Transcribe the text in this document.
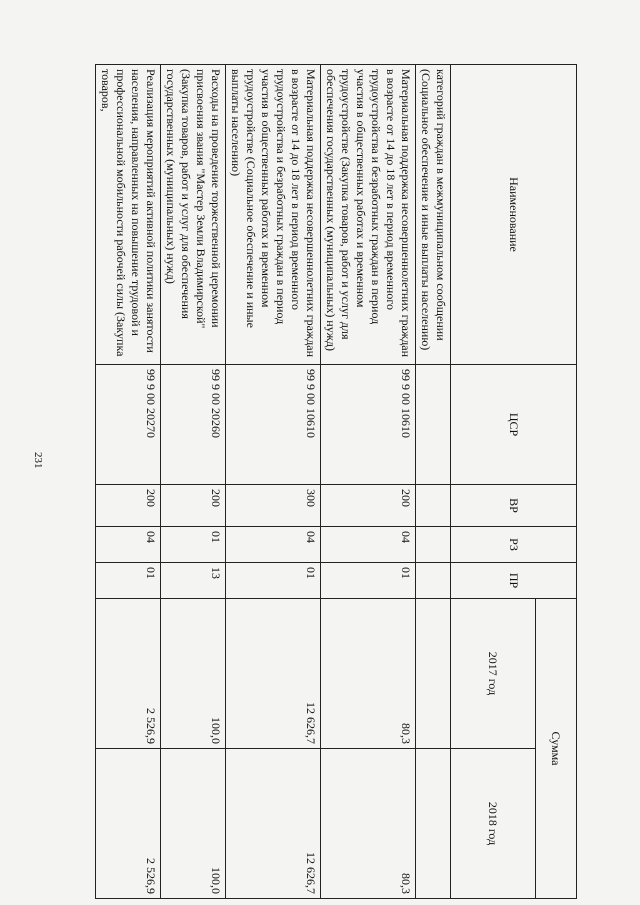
231
Наименование	ЦСР	ВР	РЗ	ПР	Сумма	
					2017 год	2018 год
категорий граждан в межмуниципальном сообщении (Социальное обеспечение и иные выплаты населению)						
Материальная поддержка несовершеннолетних граждан в возрасте от 14 до 18 лет в период временного трудоустройства и безработных граждан в период участия в общественных работах и временном трудоустройстве (Закупка товаров, работ и услуг для обеспечения государственных (муниципальных) нужд)	99 9 00 10610	200	04	01	80,3	80,3
Материальная поддержка несовершеннолетних граждан в возрасте от 14 до 18 лет в период временного трудоустройства и безработных граждан в период участия в общественных работах и временном трудоустройстве (Социальное обеспечение и иные выплаты населению)	99 9 00 10610	300	04	01	12 626,7	12 626,7
Расходы на проведение торжественной церемонии присвоения звания "Мастер Земли Владимирской" (Закупка товаров, работ и услуг для обеспечения государственных (муниципальных) нужд)	99 9 00 20260	200	01	13	100,0	100,0
Реализация мероприятий активной политики занятости населения, направленных на повышение трудовой и профессиональной мобильности рабочей силы (Закупка товаров,	99 9 00 20270	200	04	01	2 526,9	2 526,9
